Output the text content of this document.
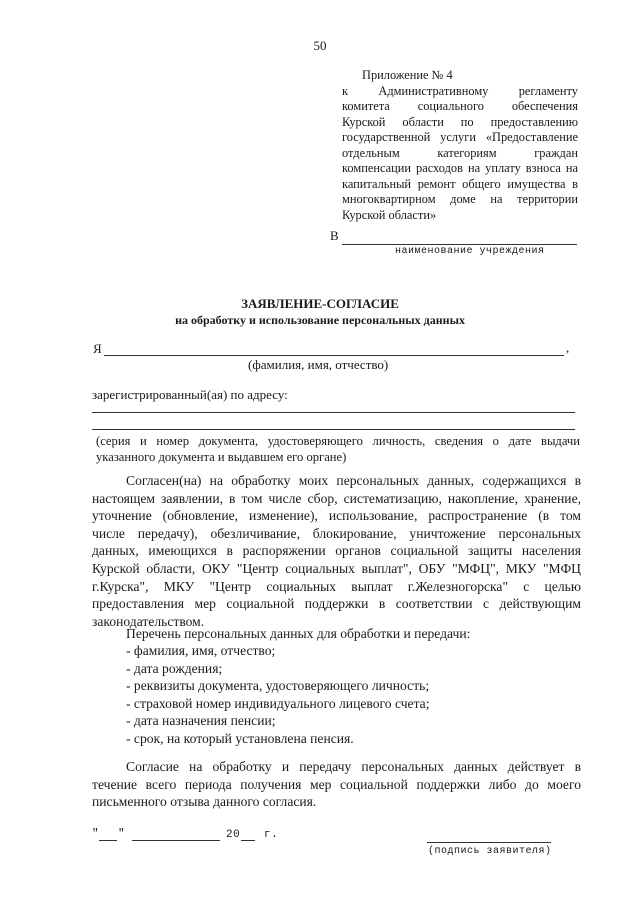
50
Приложение № 4
к Административному регламенту
комитета социального обеспечения
Курской области по предоставлению
государственной услуги «Предоставление
отдельным категориям граждан
компенсации расходов на уплату взноса на
капитальный ремонт общего имущества в
многоквартирном доме на территории
Курской области»
В
наименование учреждения
ЗАЯВЛЕНИЕ-СОГЛАСИЕ
на обработку и использование персональных данных
Я	,
(фамилия, имя, отчество)
зарегистрированный(ая) по адресу:
(серия и номер документа, удостоверяющего личность, сведения о дате выдачи
указанного документа и выдавшем его органе)
Согласен(на) на обработку моих персональных данных, содержащихся в
настоящем заявлении, в том числе сбор, систематизацию, накопление, хранение,
уточнение (обновление, изменение), использование, распространение (в том
числе передачу), обезличивание, блокирование, уничтожение персональных
данных, имеющихся в распоряжении органов социальной защиты населения
Курской области, ОКУ "Центр социальных выплат", ОБУ "МФЦ", МКУ "МФЦ
г.Курска", МКУ "Центр социальных выплат г.Железногорска" с целью
предоставления мер социальной поддержки в соответствии с действующим
законодательством.
Перечень персональных данных для обработки и передачи:
- фамилия, имя, отчество;
- дата рождения;
- реквизиты документа, удостоверяющего личность;
- страховой номер индивидуального лицевого счета;
- дата назначения пенсии;
- срок, на который установлена пенсия.
Согласие на обработку и передачу персональных данных действует в
течение всего периода получения мер социальной поддержки либо до моего
письменного отзыва данного согласия.
" "	20 г.
(подпись заявителя)
